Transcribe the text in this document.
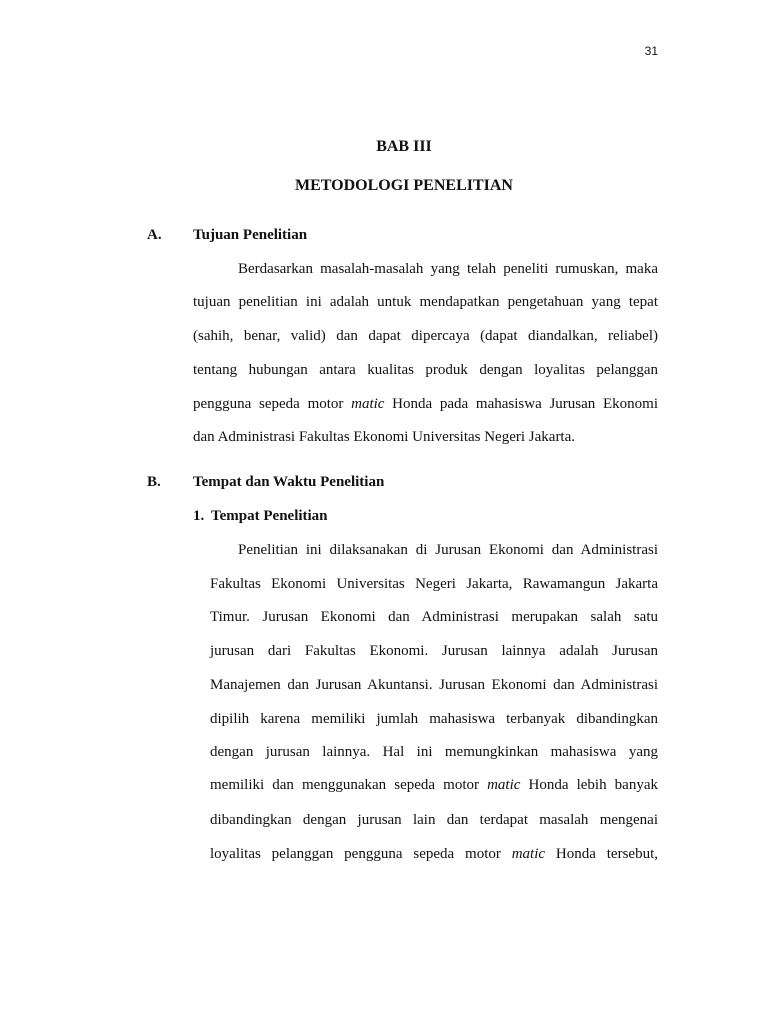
31
BAB III
METODOLOGI PENELITIAN
A. Tujuan Penelitian
Berdasarkan masalah-masalah yang telah peneliti rumuskan, maka
tujuan penelitian ini adalah untuk mendapatkan pengetahuan yang tepat
(sahih, benar, valid) dan dapat dipercaya (dapat diandalkan, reliabel)
tentang hubungan antara kualitas produk dengan loyalitas pelanggan
pengguna sepeda motor matic Honda pada mahasiswa Jurusan Ekonomi
dan Administrasi Fakultas Ekonomi Universitas Negeri Jakarta.
B. Tempat dan Waktu Penelitian
1. Tempat Penelitian
Penelitian ini dilaksanakan di Jurusan Ekonomi dan Administrasi
Fakultas Ekonomi Universitas Negeri Jakarta, Rawamangun Jakarta
Timur. Jurusan Ekonomi dan Administrasi merupakan salah satu
jurusan dari Fakultas Ekonomi. Jurusan lainnya adalah Jurusan
Manajemen dan Jurusan Akuntansi. Jurusan Ekonomi dan Administrasi
dipilih karena memiliki jumlah mahasiswa terbanyak dibandingkan
dengan jurusan lainnya. Hal ini memungkinkan mahasiswa yang
memiliki dan menggunakan sepeda motor matic Honda lebih banyak
dibandingkan dengan jurusan lain dan terdapat masalah mengenai
loyalitas pelanggan pengguna sepeda motor matic Honda tersebut,
